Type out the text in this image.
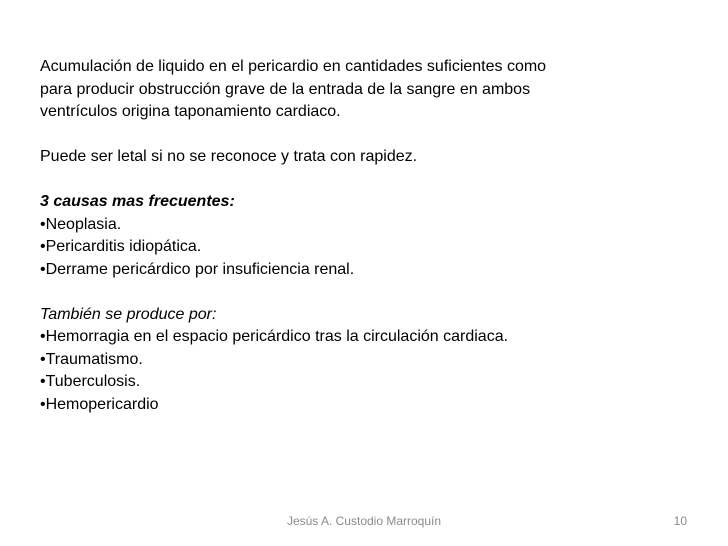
Acumulación de liquido en el pericardio en cantidades suficientes como
para producir obstrucción grave de la entrada de la sangre en ambos
ventrículos origina taponamiento cardiaco.
Puede ser letal si no se reconoce y trata con rapidez.
3 causas mas frecuentes:
•Neoplasia.
•Pericarditis idiopática.
•Derrame pericárdico por insuficiencia renal.
También se produce por:
•Hemorragia en el espacio pericárdico tras la circulación cardiaca.
•Traumatismo.
•Tuberculosis.
•Hemopericardio
Jesús A. Custodio Marroquín	10
